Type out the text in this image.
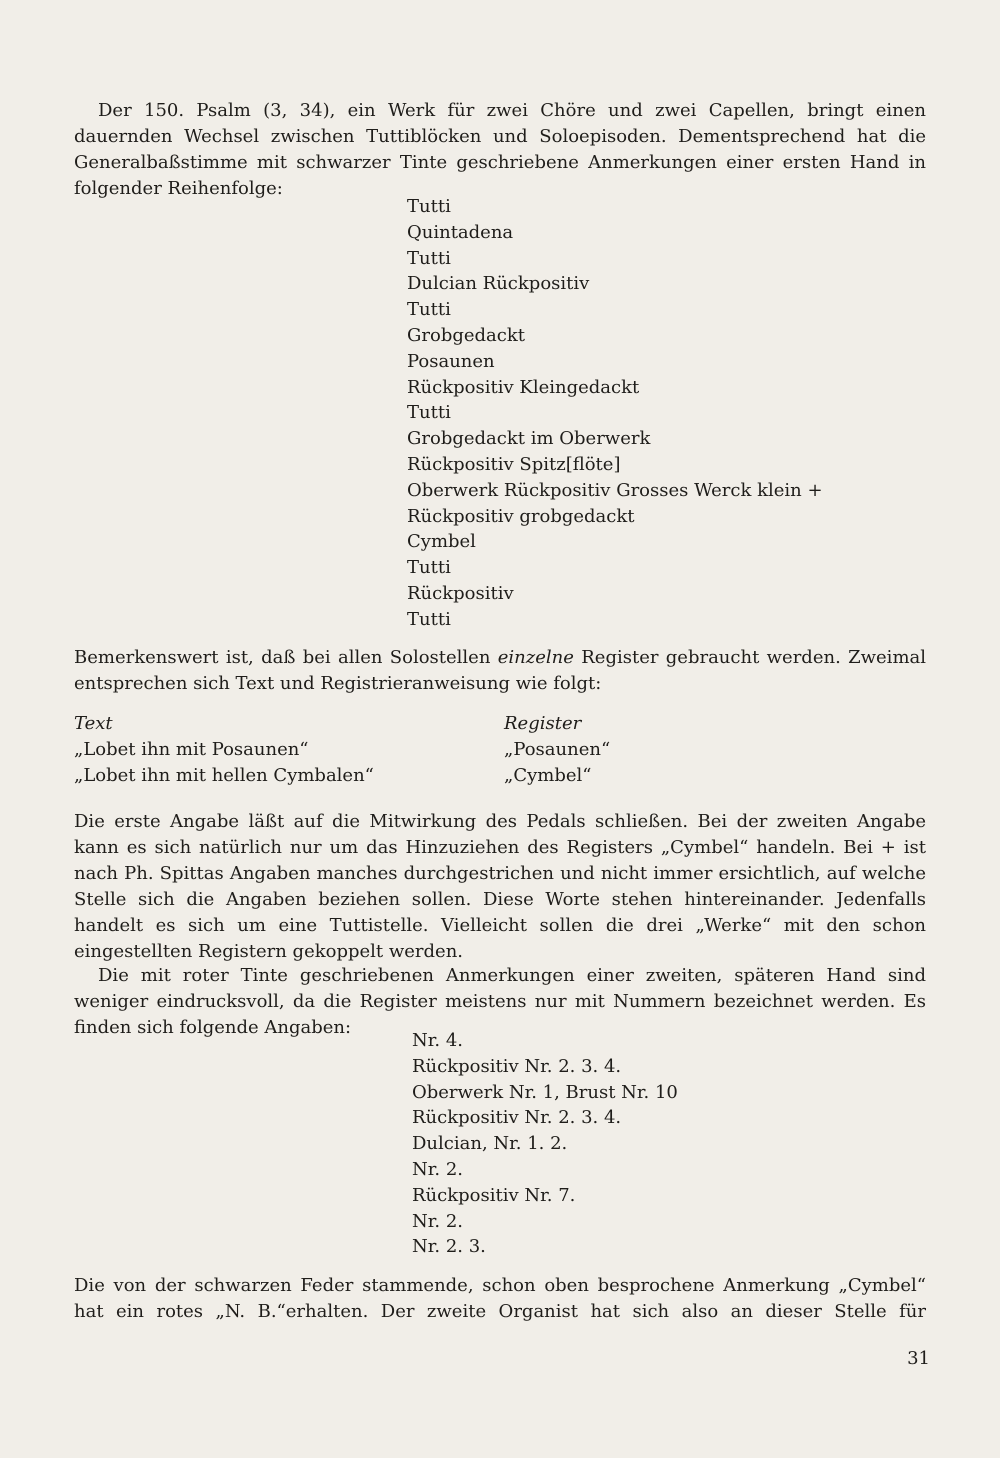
Der 150. Psalm (3, 34), ein Werk für zwei Chöre und zwei Capellen, bringt einen dauernden Wechsel zwischen Tuttiblöcken und Soloepisoden. Dementsprechend hat die Generalbaßstimme mit schwarzer Tinte geschriebene Anmerkungen einer ersten Hand in folgender Reihenfolge:

Tutti
Quintadena
Tutti
Dulcian Rückpositiv
Tutti
Grobgedackt
Posaunen
Rückpositiv Kleingedackt
Tutti
Grobgedackt im Oberwerk
Rückpositiv Spitz[flöte]
Oberwerk Rückpositiv Grosses Werck klein +
Rückpositiv grobgedackt
Cymbel
Tutti
Rückpositiv
Tutti

Bemerkenswert ist, daß bei allen Solostellen einzelne Register gebraucht werden. Zweimal entsprechen sich Text und Registrieranweisung wie folgt:

Text	Register
„Lobet ihn mit Posaunen“	„Posaunen“
„Lobet ihn mit hellen Cymbalen“	„Cymbel“

Die erste Angabe läßt auf die Mitwirkung des Pedals schließen. Bei der zweiten Angabe kann es sich natürlich nur um das Hinzuziehen des Registers „Cymbel“ handeln. Bei + ist nach Ph. Spittas Angaben manches durchgestrichen und nicht immer ersichtlich, auf welche Stelle sich die Angaben beziehen sollen. Diese Worte stehen hintereinander. Jedenfalls handelt es sich um eine Tuttistelle. Vielleicht sollen die drei „Werke“ mit den schon eingestellten Registern gekoppelt werden.

Die mit roter Tinte geschriebenen Anmerkungen einer zweiten, späteren Hand sind weniger eindrucksvoll, da die Register meistens nur mit Nummern bezeichnet werden. Es finden sich folgende Angaben:

Nr. 4.
Rückpositiv Nr. 2. 3. 4.
Oberwerk Nr. 1, Brust Nr. 10
Rückpositiv Nr. 2. 3. 4.
Dulcian, Nr. 1. 2.
Nr. 2.
Rückpositiv Nr. 7.
Nr. 2.
Nr. 2. 3.

Die von der schwarzen Feder stammende, schon oben besprochene Anmerkung „Cymbel“ hat ein rotes „N. B.“erhalten. Der zweite Organist hat sich also an dieser Stelle für

31
